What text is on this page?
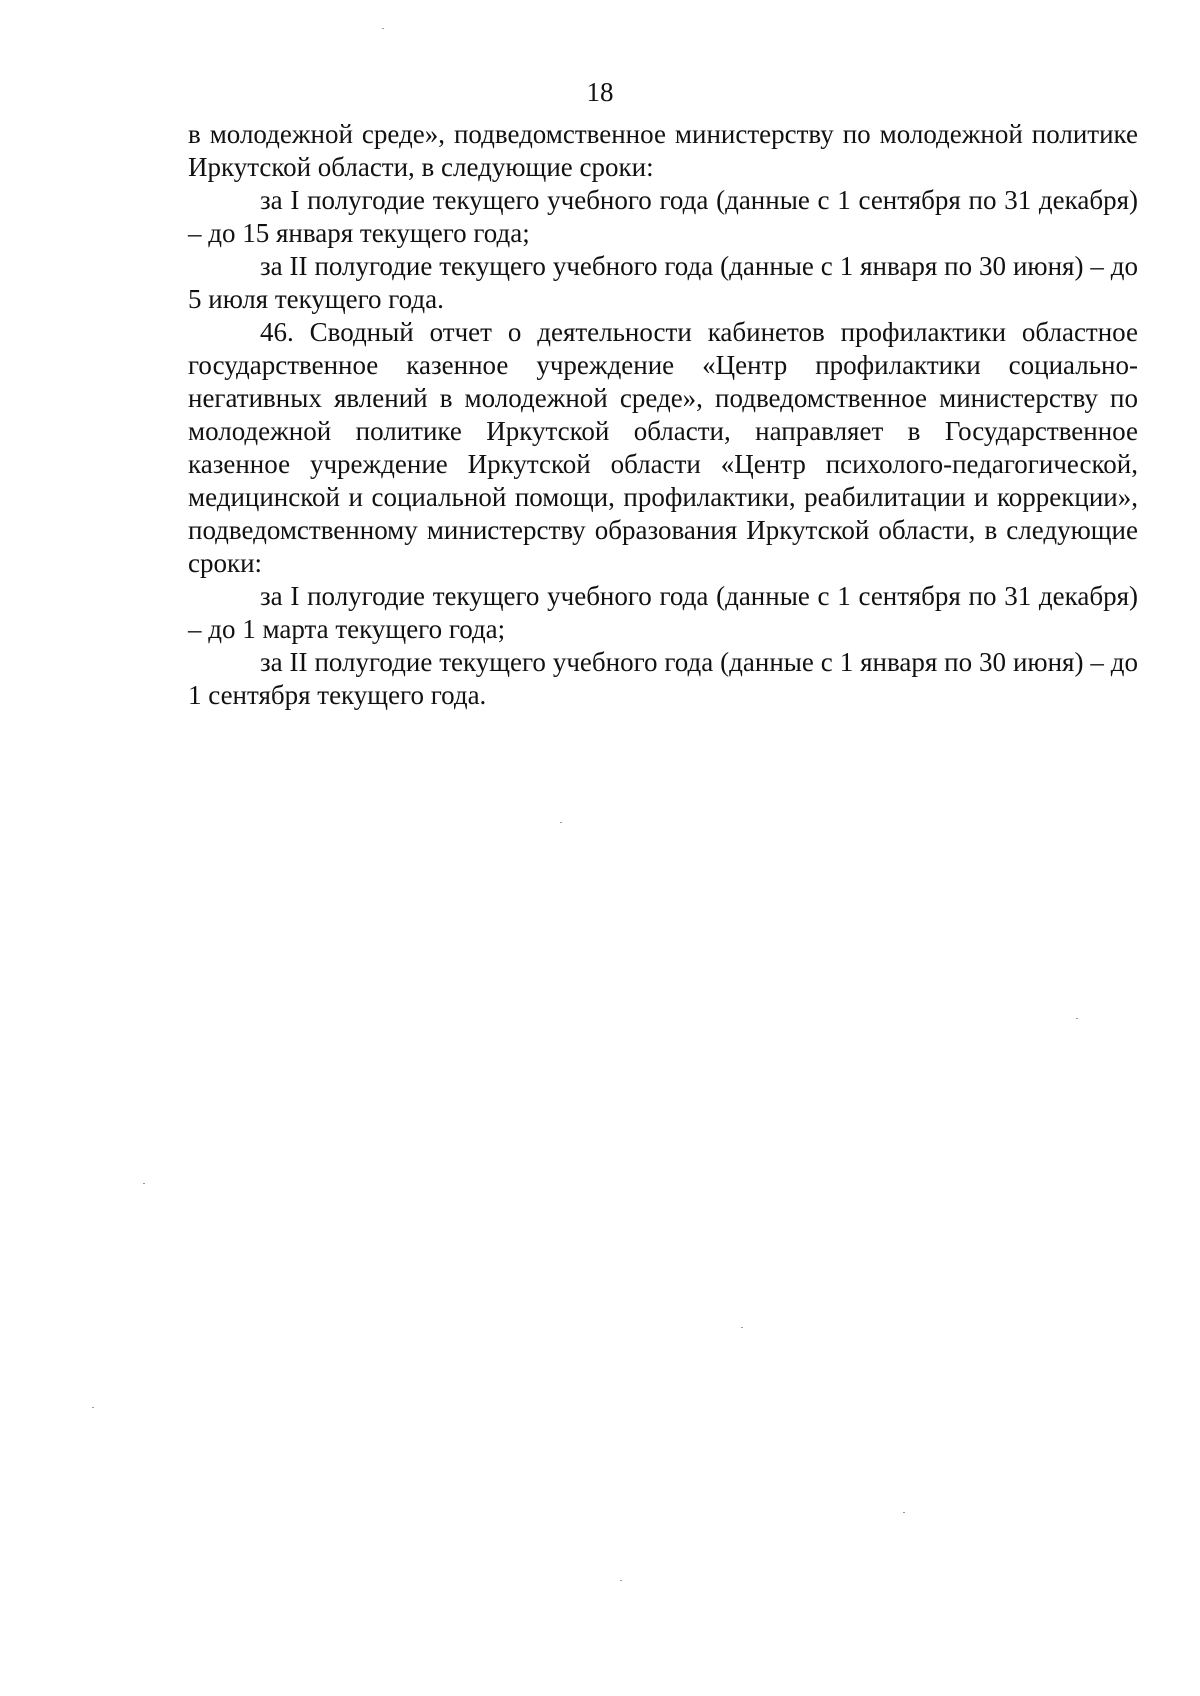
18

в молодежной среде», подведомственное министерству по молодежной политике Иркутской области, в следующие сроки:

за I полугодие текущего учебного года (данные с 1 сентября по 31 декабря) – до 15 января текущего года;

за II полугодие текущего учебного года (данные с 1 января по 30 июня) – до 5 июля текущего года.

46. Сводный отчет о деятельности кабинетов профилактики областное государственное казенное учреждение «Центр профилактики социально-негативных явлений в молодежной среде», подведомственное министерству по молодежной политике Иркутской области, направляет в Государственное казенное учреждение Иркутской области «Центр психолого-педагогической, медицинской и социальной помощи, профилактики, реабилитации и коррекции», подведомственному министерству образования Иркутской области, в следующие сроки:

за I полугодие текущего учебного года (данные с 1 сентября по 31 декабря) – до 1 марта текущего года;

за II полугодие текущего учебного года (данные с 1 января по 30 июня) – до 1 сентября текущего года.
